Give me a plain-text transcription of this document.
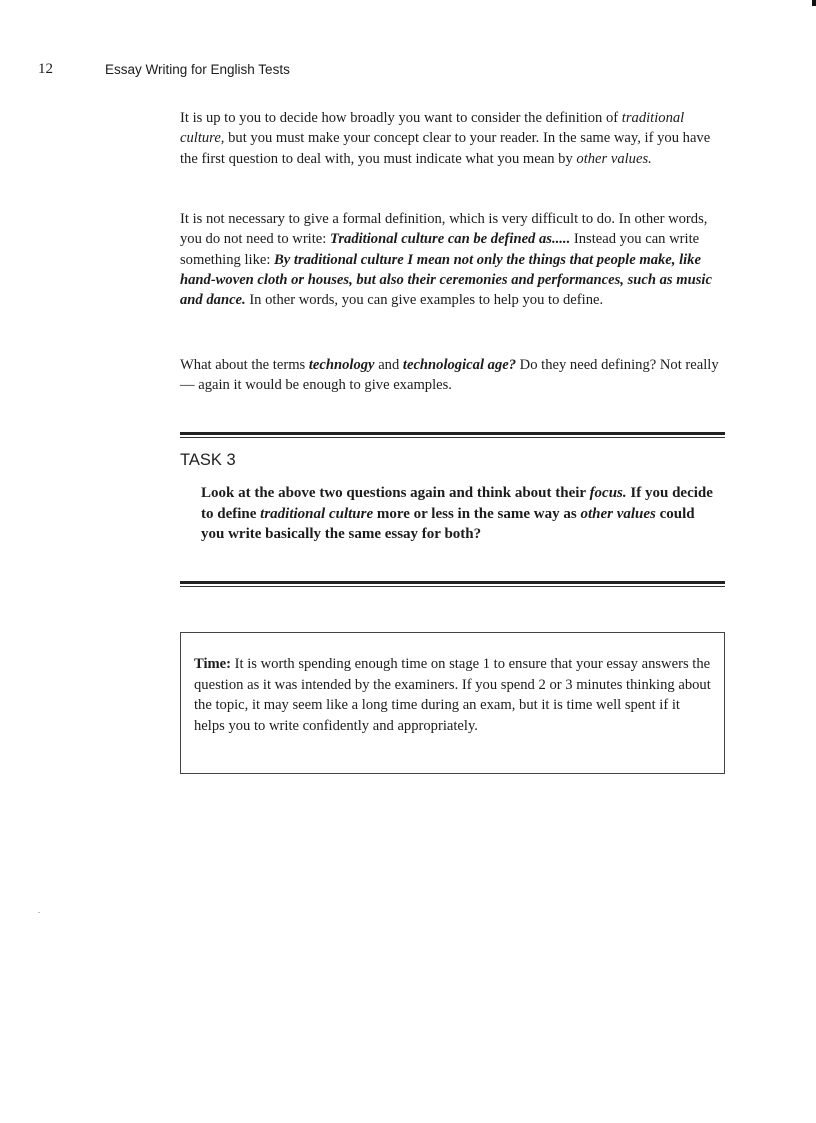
12	Essay Writing for English Tests

It is up to you to decide how broadly you want to consider the definition of traditional culture, but you must make your concept clear to your reader. In the same way, if you have the first question to deal with, you must indicate what you mean by other values.

It is not necessary to give a formal definition, which is very difficult to do. In other words, you do not need to write: Traditional culture can be defined as..... Instead you can write something like: By traditional culture I mean not only the things that people make, like hand-woven cloth or houses, but also their ceremonies and performances, such as music and dance. In other words, you can give examples to help you to define.

What about the terms technology and technological age? Do they need defining? Not really — again it would be enough to give examples.

TASK 3

Look at the above two questions again and think about their focus. If you decide to define traditional culture more or less in the same way as other values could you write basically the same essay for both?

Time: It is worth spending enough time on stage 1 to ensure that your essay answers the question as it was intended by the examiners. If you spend 2 or 3 minutes thinking about the topic, it may seem like a long time during an exam, but it is time well spent if it helps you to write confidently and appropriately.
